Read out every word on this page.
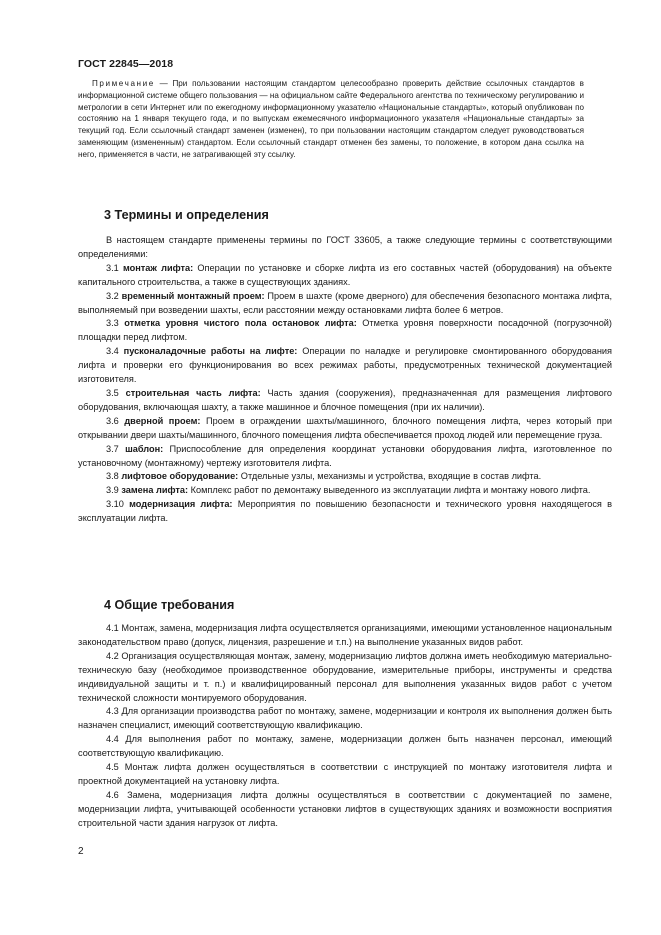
ГОСТ 22845—2018

Примечание — При пользовании настоящим стандартом целесообразно проверить действие ссылочных стандартов в информационной системе общего пользования — на официальном сайте Федерального агентства по техническому регулированию и метрологии в сети Интернет или по ежегодному информационному указателю «Национальные стандарты», который опубликован по состоянию на 1 января текущего года, и по выпускам ежемесячного информационного указателя «Национальные стандарты» за текущий год. Если ссылочный стандарт заменен (изменен), то при пользовании настоящим стандартом следует руководствоваться заменяющим (измененным) стандартом. Если ссылочный стандарт отменен без замены, то положение, в котором дана ссылка на него, применяется в части, не затрагивающей эту ссылку.

3 Термины и определения

В настоящем стандарте применены термины по ГОСТ 33605, а также следующие термины с соответствующими определениями:

3.1 монтаж лифта: Операции по установке и сборке лифта из его составных частей (оборудования) на объекте капитального строительства, а также в существующих зданиях.

3.2 временный монтажный проем: Проем в шахте (кроме дверного) для обеспечения безопасного монтажа лифта, выполняемый при возведении шахты, если расстоянии между остановками лифта более 6 метров.

3.3 отметка уровня чистого пола остановок лифта: Отметка уровня поверхности посадочной (погрузочной) площадки перед лифтом.

3.4 пусконаладочные работы на лифте: Операции по наладке и регулировке смонтированного оборудования лифта и проверки его функционирования во всех режимах работы, предусмотренных технической документацией изготовителя.

3.5 строительная часть лифта: Часть здания (сооружения), предназначенная для размещения лифтового оборудования, включающая шахту, а также машинное и блочное помещения (при их наличии).

3.6 дверной проем: Проем в ограждении шахты/машинного, блочного помещения лифта, через который при открывании двери шахты/машинного, блочного помещения лифта обеспечивается проход людей или перемещение груза.

3.7 шаблон: Приспособление для определения координат установки оборудования лифта, изготовленное по установочному (монтажному) чертежу изготовителя лифта.

3.8 лифтовое оборудование: Отдельные узлы, механизмы и устройства, входящие в состав лифта.

3.9 замена лифта: Комплекс работ по демонтажу выведенного из эксплуатации лифта и монтажу нового лифта.

3.10 модернизация лифта: Мероприятия по повышению безопасности и технического уровня находящегося в эксплуатации лифта.

4 Общие требования

4.1 Монтаж, замена, модернизация лифта осуществляется организациями, имеющими установленное национальным законодательством право (допуск, лицензия, разрешение и т.п.) на выполнение указанных видов работ.

4.2 Организация осуществляющая монтаж, замену, модернизацию лифтов должна иметь необходимую материально-техническую базу (необходимое производственное оборудование, измерительные приборы, инструменты и средства индивидуальной защиты и т. п.) и квалифицированный персонал для выполнения указанных видов работ с учетом технической сложности монтируемого оборудования.

4.3 Для организации производства работ по монтажу, замене, модернизации и контроля их выполнения должен быть назначен специалист, имеющий соответствующую квалификацию.

4.4 Для выполнения работ по монтажу, замене, модернизации должен быть назначен персонал, имеющий соответствующую квалификацию.

4.5 Монтаж лифта должен осуществляться в соответствии с инструкцией по монтажу изготовителя лифта и проектной документацией на установку лифта.

4.6 Замена, модернизация лифта должны осуществляться в соответствии с документацией по замене, модернизации лифта, учитывающей особенности установки лифтов в существующих зданиях и возможности восприятия строительной части здания нагрузок от лифта.

2
